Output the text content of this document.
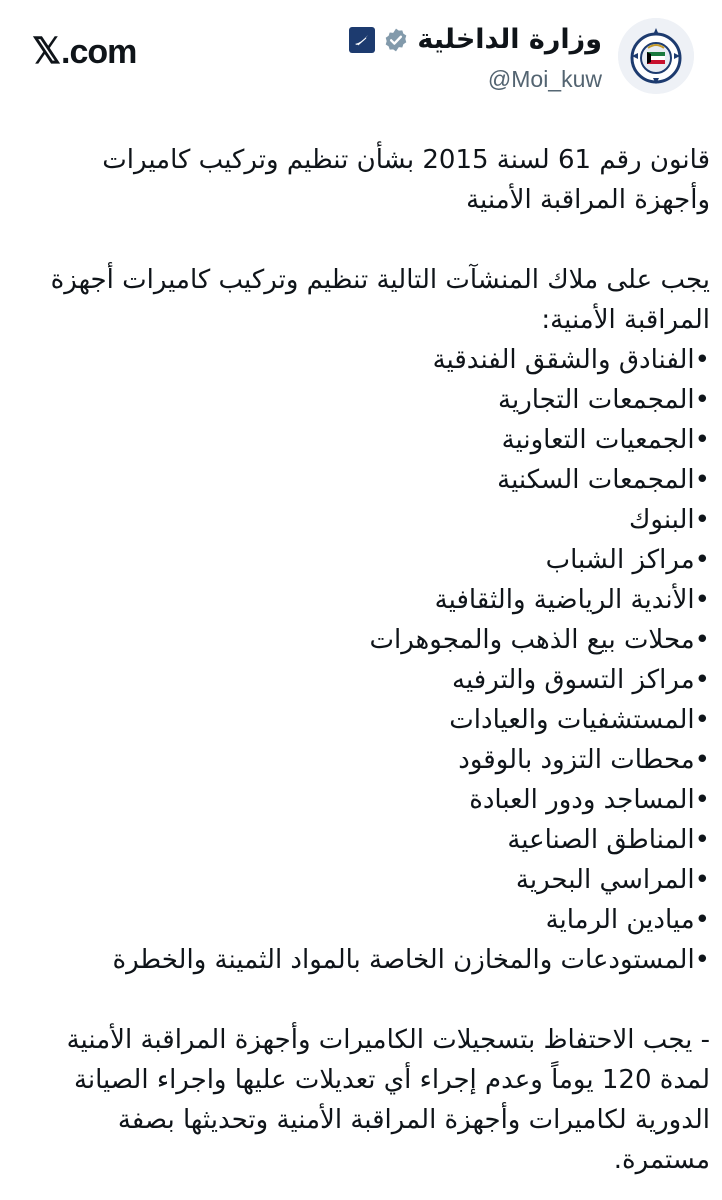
𝕏.com	وزارة الداخلية
@Moi_kuw

قانون رقم 61 لسنة 2015 بشأن تنظيم وتركيب كاميرات وأجهزة المراقبة الأمنية

يجب على ملاك المنشآت التالية تنظيم وتركيب كاميرات أجهزة المراقبة الأمنية:

•الفنادق والشقق الفندقية
•المجمعات التجارية
•الجمعيات التعاونية
•المجمعات السكنية
•البنوك
•مراكز الشباب
•الأندية الرياضية والثقافية
•محلات بيع الذهب والمجوهرات
•مراكز التسوق والترفيه
•المستشفيات والعيادات
•محطات التزود بالوقود
•المساجد ودور العبادة
•المناطق الصناعية
•المراسي البحرية
•ميادين الرماية
•المستودعات والمخازن الخاصة بالمواد الثمينة والخطرة

- يجب الاحتفاظ بتسجيلات الكاميرات وأجهزة المراقبة الأمنية لمدة 120 يوماً وعدم إجراء أي تعديلات عليها واجراء الصيانة الدورية لكاميرات وأجهزة المراقبة الأمنية وتحديثها بصفة مستمرة.
